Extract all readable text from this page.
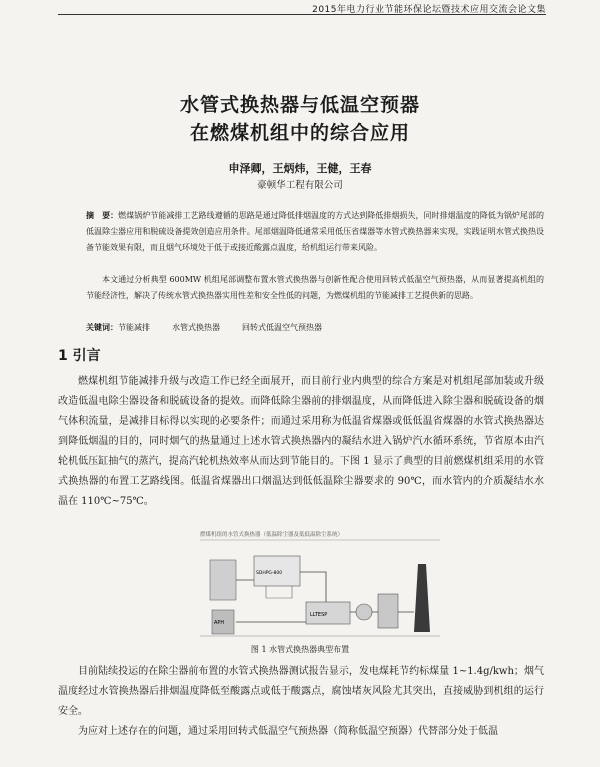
2015年电力行业节能环保论坛暨技术应用交流会论文集
水管式换热器与低温空预器
在燃煤机组中的综合应用
申泽卿，王炳炜，王健，王春
豪顿华工程有限公司
摘　要：燃煤锅炉节能减排工艺路线遵循的思路是通过降低排烟温度的方式达到降低排烟损失，同时排烟温度的降低为锅炉尾部的低温除尘器应用和脱硫设备提效创造应用条件。尾部烟温降低通常采用低压省煤器等水管式换热器来实现，实践证明水管式换热设备节能效果有限，而且烟气环境处于低于或接近酸露点温度，给机组运行带来风险。
本文通过分析典型 600MW 机组尾部调整布置水管式换热器与创新性配合使用回转式低温空气预热器，从而显著提高机组的节能经济性，解决了传统水管式换热器实用性差和安全性低的问题，为燃煤机组的节能减排工艺提供新的思路。
关键词：节能减排	水管式换热器	回转式低温空气预热器
1 引言
燃煤机组节能减排升级与改造工作已经全面展开，而目前行业内典型的综合方案是对机组尾部加装或升级改造低温电除尘器设备和脱硫设备的提效。而降低除尘器前的排烟温度，从而降低进入除尘器和脱硫设备的烟气体积流量，是减排目标得以实现的必要条件；而通过采用称为低温省煤器或低低温省煤器的水管式换热器达到降低烟温的目的，同时烟气的热量通过上述水管式换热器内的凝结水进入锅炉汽水循环系统，节省原本由汽轮机低压缸抽气的蒸汽，提高汽轮机热效率从而达到节能目的。下图 1 显示了典型的目前燃煤机组采用的水管式换热器的布置工艺路线图。低温省煤器出口烟温达到低低温除尘器要求的 90℃，而水管内的介质凝结水水温在 110℃~75℃。
燃煤机组的水管式换热器（低温除尘器及低低温除尘系统）
APH
SDHPG-800
LLTESP
图 1 水管式换热器典型布置
目前陆续投运的在除尘器前布置的水管式换热器测试报告显示，发电煤耗节约标煤量 1~1.4g/kwh；烟气温度经过水管换热器后排烟温度降低至酸露点或低于酸露点，腐蚀堵灰风险尤其突出，直接威胁到机组的运行安全。
为应对上述存在的问题，通过采用回转式低温空气预热器（简称低温空预器）代替部分处于低温
